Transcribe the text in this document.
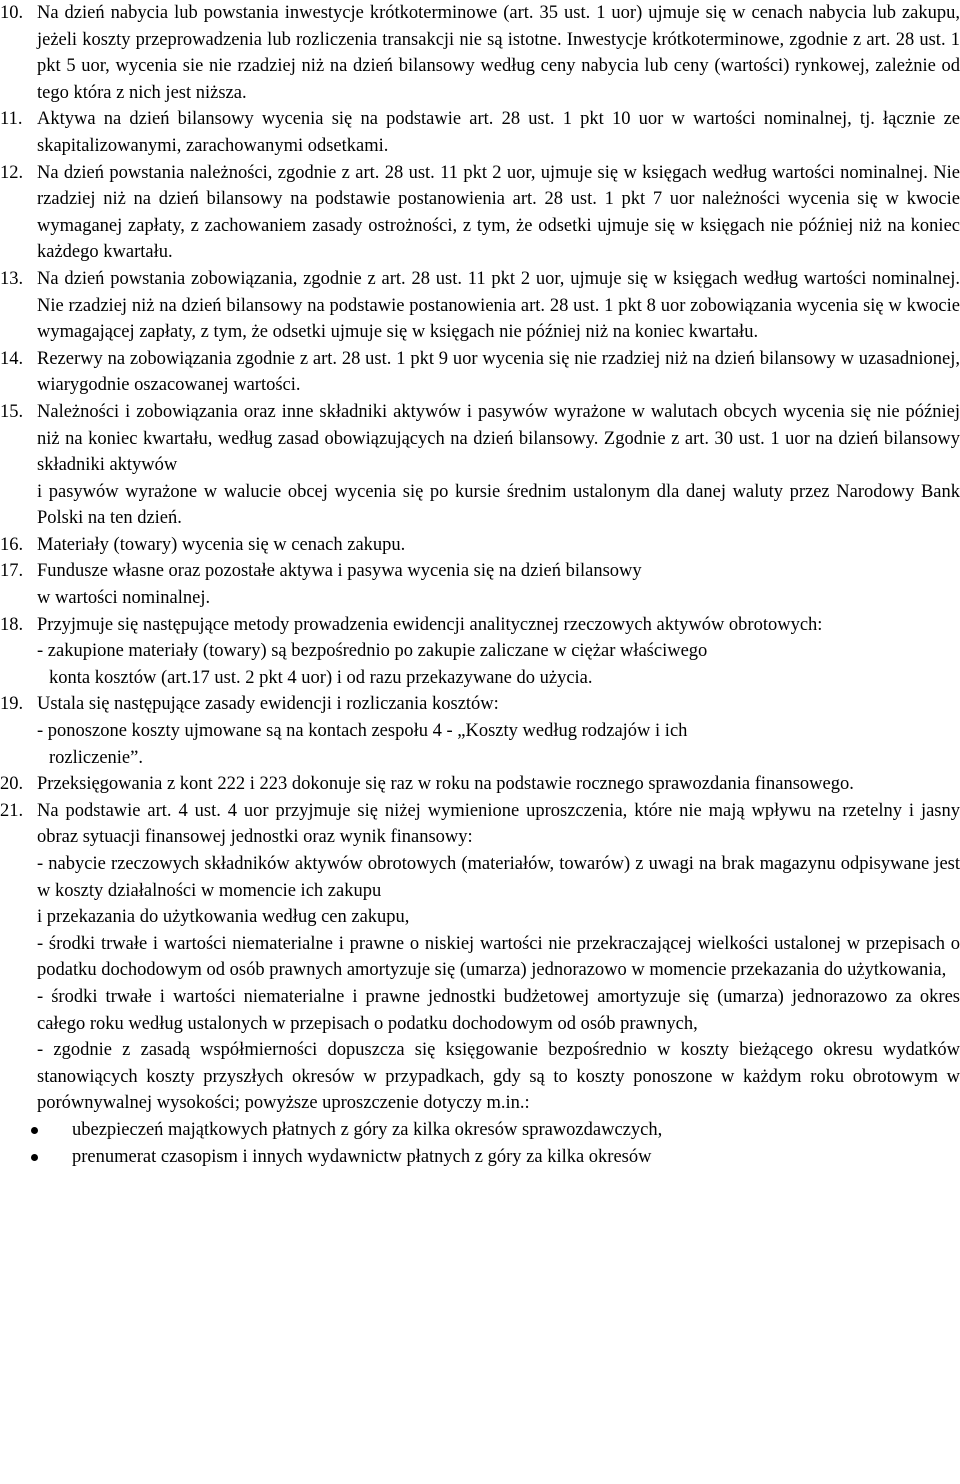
10. Na dzień nabycia lub powstania inwestycje krótkoterminowe (art. 35 ust. 1 uor) ujmuje się w cenach nabycia lub zakupu, jeżeli koszty przeprowadzenia lub rozliczenia transakcji nie są istotne. Inwestycje krótkoterminowe, zgodnie z art. 28 ust. 1 pkt 5 uor, wycenia sie nie rzadziej niż na dzień bilansowy według ceny nabycia lub ceny (wartości) rynkowej, zależnie od tego która z nich jest niższa.
11. Aktywa na dzień bilansowy wycenia się na podstawie art. 28 ust. 1 pkt 10 uor w wartości nominalnej, tj. łącznie ze skapitalizowanymi, zarachowanymi odsetkami.
12. Na dzień powstania należności, zgodnie z art. 28 ust. 11 pkt 2 uor, ujmuje się w księgach według wartości nominalnej. Nie rzadziej niż na dzień bilansowy na podstawie postanowienia art. 28 ust. 1 pkt 7 uor należności wycenia się w kwocie wymaganej zapłaty, z zachowaniem zasady ostrożności, z tym, że odsetki ujmuje się w księgach nie później niż na koniec każdego kwartału.
13. Na dzień powstania zobowiązania, zgodnie z art. 28 ust. 11 pkt 2 uor, ujmuje się w księgach według wartości nominalnej. Nie rzadziej niż na dzień bilansowy na podstawie postanowienia art. 28 ust. 1 pkt 8 uor zobowiązania wycenia się w kwocie wymagającej zapłaty, z tym, że odsetki ujmuje się w księgach nie później niż na koniec kwartału.
14. Rezerwy na zobowiązania zgodnie z art. 28 ust. 1 pkt 9 uor wycenia się nie rzadziej niż na dzień bilansowy w uzasadnionej, wiarygodnie oszacowanej wartości.
15. Należności i zobowiązania oraz inne składniki aktywów i pasywów wyrażone w walutach obcych wycenia się nie później niż na koniec kwartału, według zasad obowiązujących na dzień bilansowy. Zgodnie z art. 30 ust. 1 uor na dzień bilansowy składniki aktywów
i pasywów wyrażone w walucie obcej wycenia się po kursie średnim ustalonym dla danej waluty przez Narodowy Bank Polski na ten dzień.
16. Materiały (towary) wycenia się w cenach zakupu.
17. Fundusze własne oraz pozostałe aktywa i pasywa wycenia się na dzień bilansowy
w wartości nominalnej.
18. Przyjmuje się następujące metody prowadzenia ewidencji analitycznej rzeczowych aktywów obrotowych:
- zakupione materiały (towary) są bezpośrednio po zakupie zaliczane w ciężar właściwego
konta kosztów (art.17 ust. 2 pkt 4 uor) i od razu przekazywane do użycia.
19. Ustala się następujące zasady ewidencji i rozliczania kosztów:
- ponoszone koszty ujmowane są na kontach zespołu 4 - „Koszty według rodzajów i ich
rozliczenie”.
20. Przeksięgowania z kont 222 i 223 dokonuje się raz w roku na podstawie rocznego sprawozdania finansowego.
21. Na podstawie art. 4 ust. 4 uor przyjmuje się niżej wymienione uproszczenia, które nie mają wpływu na rzetelny i jasny obraz sytuacji finansowej jednostki oraz wynik finansowy:
- nabycie rzeczowych składników aktywów obrotowych (materiałów, towarów) z uwagi na brak magazynu odpisywane jest w koszty działalności w momencie ich zakupu
i przekazania do użytkowania według cen zakupu,
- środki trwałe i wartości niematerialne i prawne o niskiej wartości nie przekraczającej wielkości ustalonej w przepisach o podatku dochodowym od osób prawnych amortyzuje się (umarza) jednorazowo w momencie przekazania do użytkowania,
- środki trwałe i wartości niematerialne i prawne jednostki budżetowej amortyzuje się (umarza) jednorazowo za okres całego roku według ustalonych w przepisach o podatku dochodowym od osób prawnych,
- zgodnie z zasadą współmierności dopuszcza się księgowanie bezpośrednio w koszty bieżącego okresu wydatków stanowiących koszty przyszłych okresów w przypadkach, gdy są to koszty ponoszone w każdym roku obrotowym w porównywalnej wysokości; powyższe uproszczenie dotyczy m.in.:
ubezpieczeń majątkowych płatnych z góry za kilka okresów sprawozdawczych,
prenumerat czasopism i innych wydawnictw płatnych z góry za kilka okresów
